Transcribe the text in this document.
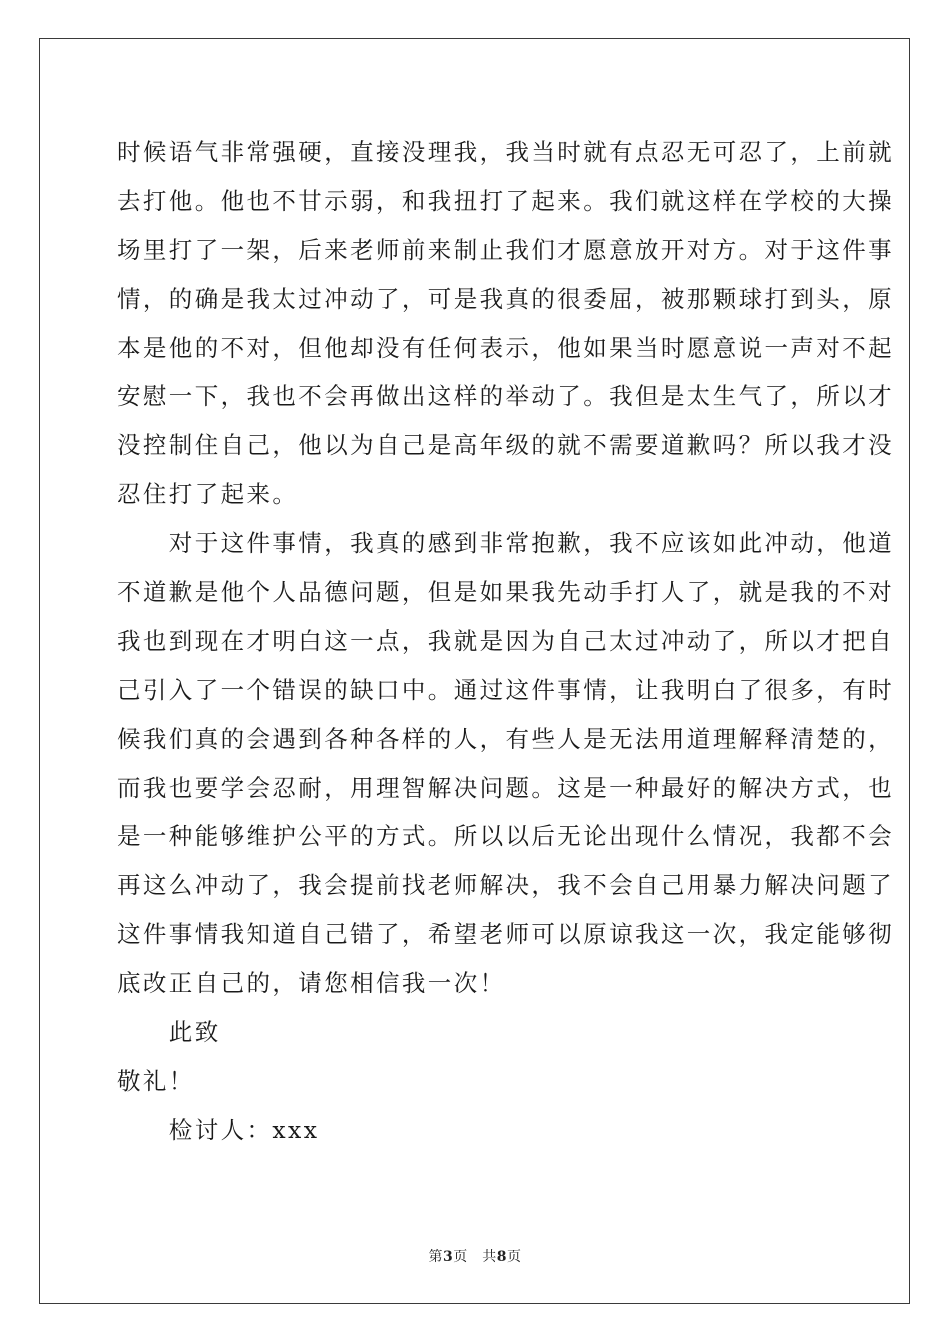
时候语气非常强硬，直接没理我，我当时就有点忍无可忍了，上前就
去打他。他也不甘示弱，和我扭打了起来。我们就这样在学校的大操
场里打了一架，后来老师前来制止我们才愿意放开对方。对于这件事
情，的确是我太过冲动了，可是我真的很委屈，被那颗球打到头，原
本是他的不对，但他却没有任何表示，他如果当时愿意说一声对不起
安慰一下，我也不会再做出这样的举动了。我但是太生气了，所以才
没控制住自己，他以为自己是高年级的就不需要道歉吗？所以我才没
忍住打了起来。
　　对于这件事情，我真的感到非常抱歉，我不应该如此冲动，他道
不道歉是他个人品德问题，但是如果我先动手打人了，就是我的不对
我也到现在才明白这一点，我就是因为自己太过冲动了，所以才把自
己引入了一个错误的缺口中。通过这件事情，让我明白了很多，有时
候我们真的会遇到各种各样的人，有些人是无法用道理解释清楚的，
而我也要学会忍耐，用理智解决问题。这是一种最好的解决方式，也
是一种能够维护公平的方式。所以以后无论出现什么情况，我都不会
再这么冲动了，我会提前找老师解决，我不会自己用暴力解决问题了
这件事情我知道自己错了，希望老师可以原谅我这一次，我定能够彻
底改正自己的，请您相信我一次！
　　此致
敬礼！
　　检讨人：xxx
第3页　共8页
